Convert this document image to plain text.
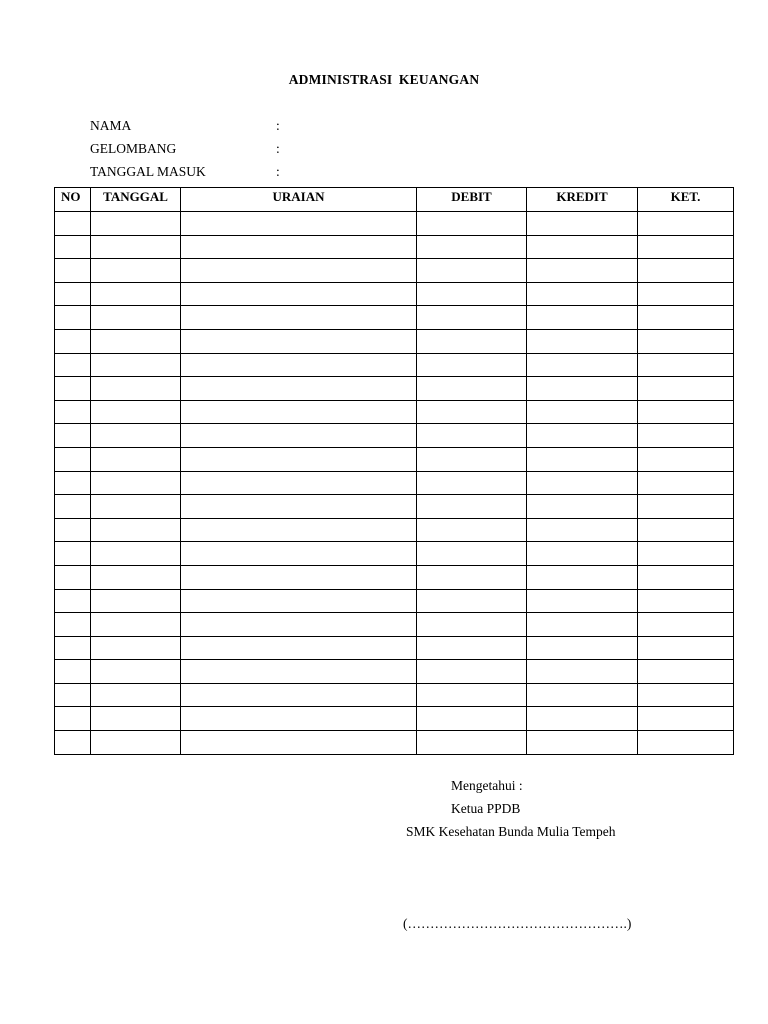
ADMINISTRASI KEUANGAN
NAMA	:
GELOMBANG	:
TANGGAL MASUK	:
NO	TANGGAL	URAIAN	DEBIT	KREDIT	KET.

Mengetahui :
Ketua PPDB
SMK Kesehatan Bunda Mulia Tempeh
(………………………………………….)
